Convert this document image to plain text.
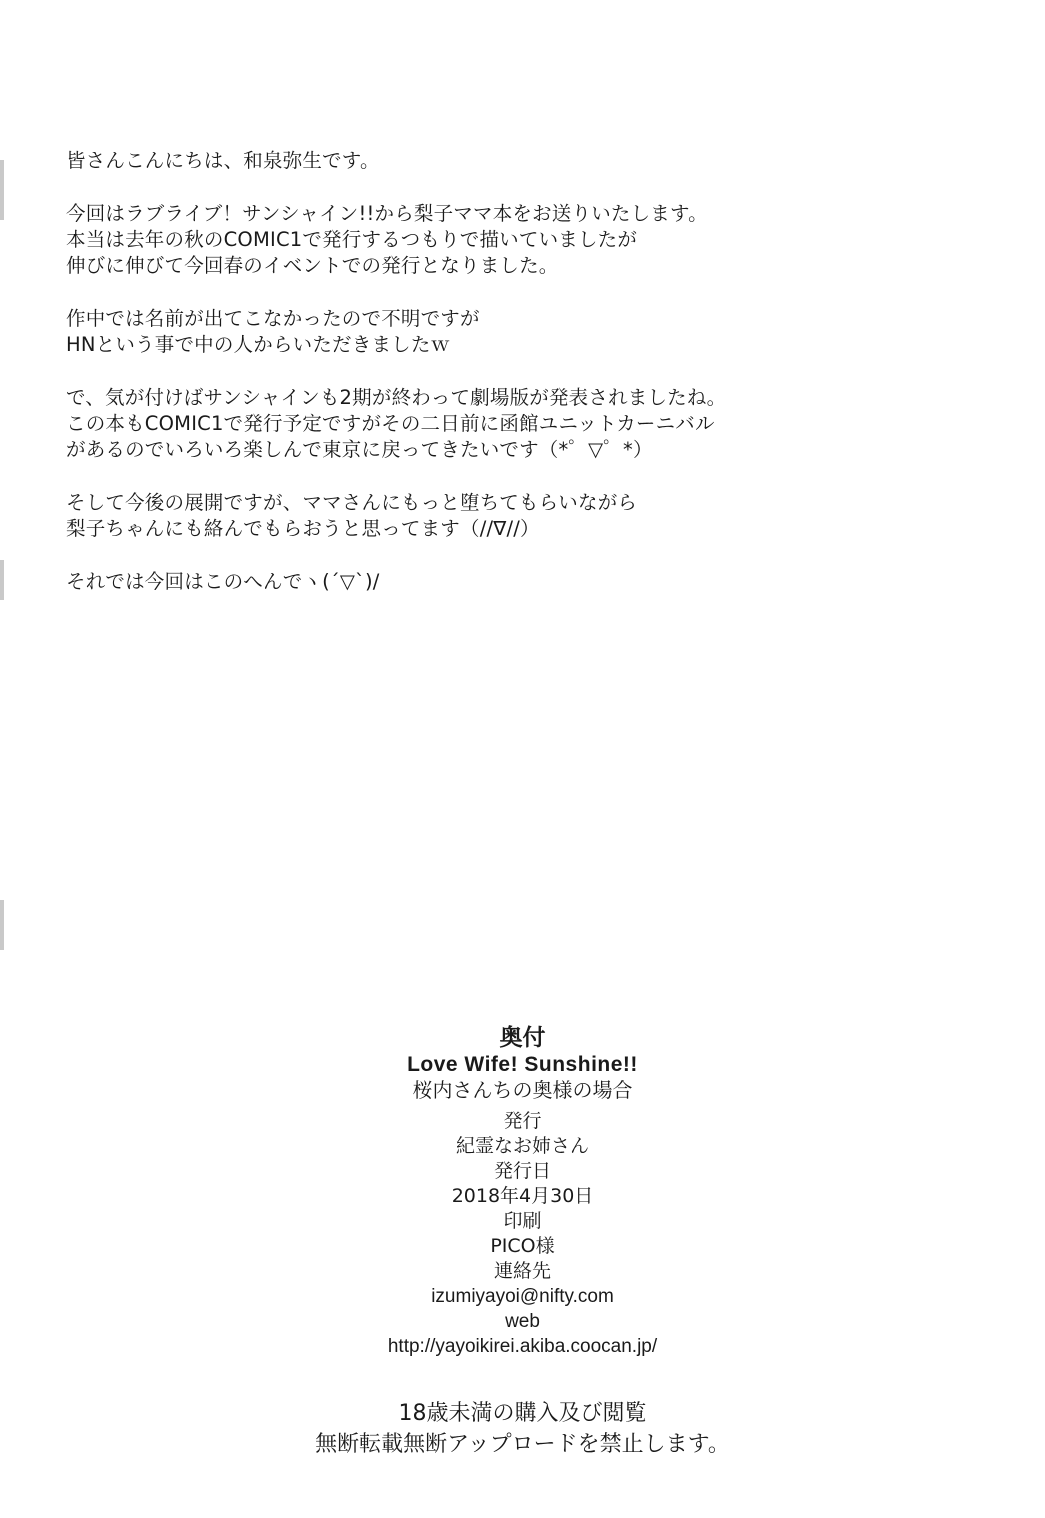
皆さんこんにちは、和泉弥生です。
今回はラブライブ！サンシャイン!!から梨子ママ本をお送りいたします。
本当は去年の秋のCOMIC1で発行するつもりで描いていましたが
伸びに伸びて今回春のイベントでの発行となりました。
作中では名前が出てこなかったので不明ですが
HNという事で中の人からいただきましたｗ
で、気が付けばサンシャインも2期が終わって劇場版が発表されましたね。
この本もCOMIC1で発行予定ですがその二日前に函館ユニットカーニバル
があるのでいろいろ楽しんで東京に戻ってきたいです（*゜▽゜*）
そして今後の展開ですが、ママさんにもっと堕ちてもらいながら
梨子ちゃんにも絡んでもらおうと思ってます（//∇//）
それでは今回はこのへんでヽ(´▽`)/
奥付
Love Wife! Sunshine!!
桜内さんちの奥様の場合
発行
紀霊なお姉さん
発行日
2018年4月30日
印刷
PICO様
連絡先
izumiyayoi@nifty.com
web
http://yayoikirei.akiba.coocan.jp/
18歳未満の購入及び閲覧
無断転載無断アップロードを禁止します。
